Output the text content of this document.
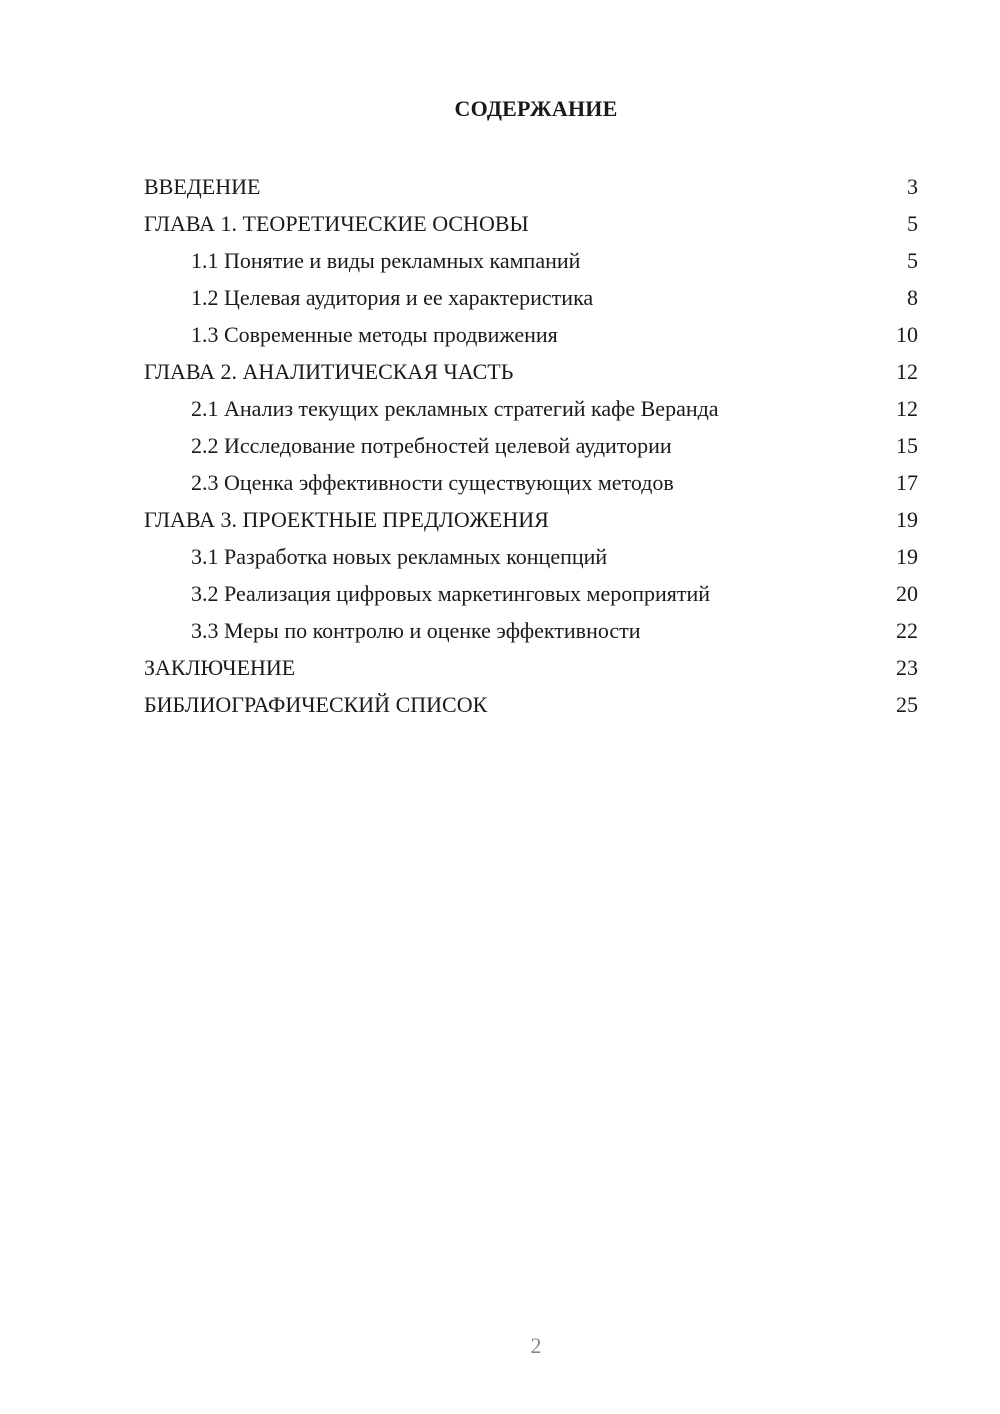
СОДЕРЖАНИЕ
ВВЕДЕНИЕ	3
ГЛАВА 1. ТЕОРЕТИЧЕСКИЕ ОСНОВЫ	5
1.1 Понятие и виды рекламных кампаний	5
1.2 Целевая аудитория и ее характеристика	8
1.3 Современные методы продвижения	10
ГЛАВА 2. АНАЛИТИЧЕСКАЯ ЧАСТЬ	12
2.1 Анализ текущих рекламных стратегий кафе Веранда	12
2.2 Исследование потребностей целевой аудитории	15
2.3 Оценка эффективности существующих методов	17
ГЛАВА 3. ПРОЕКТНЫЕ ПРЕДЛОЖЕНИЯ	19
3.1 Разработка новых рекламных концепций	19
3.2 Реализация цифровых маркетинговых мероприятий	20
3.3 Меры по контролю и оценке эффективности	22
ЗАКЛЮЧЕНИЕ	23
БИБЛИОГРАФИЧЕСКИЙ СПИСОК	25
2
